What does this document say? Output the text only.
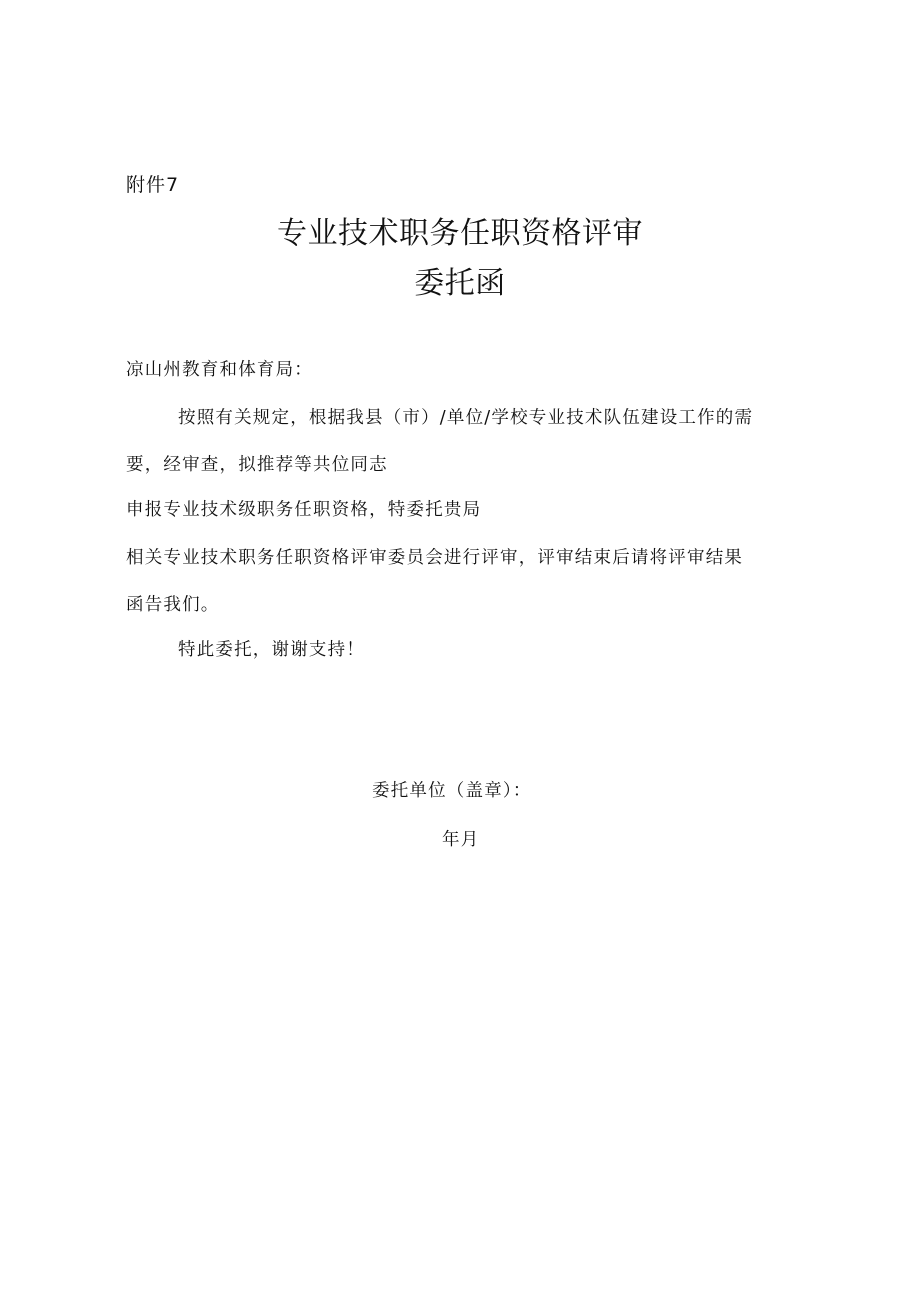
附件7
专业技术职务任职资格评审
委托函
凉山州教育和体育局：
按照有关规定，根据我县（市）/单位/学校专业技术队伍建设工作的需
要，经审查，拟推荐等共位同志
申报专业技术级职务任职资格，特委托贵局
相关专业技术职务任职资格评审委员会进行评审，评审结束后请将评审结果
函告我们。
特此委托，谢谢支持！
委托单位（盖章）：
年月
